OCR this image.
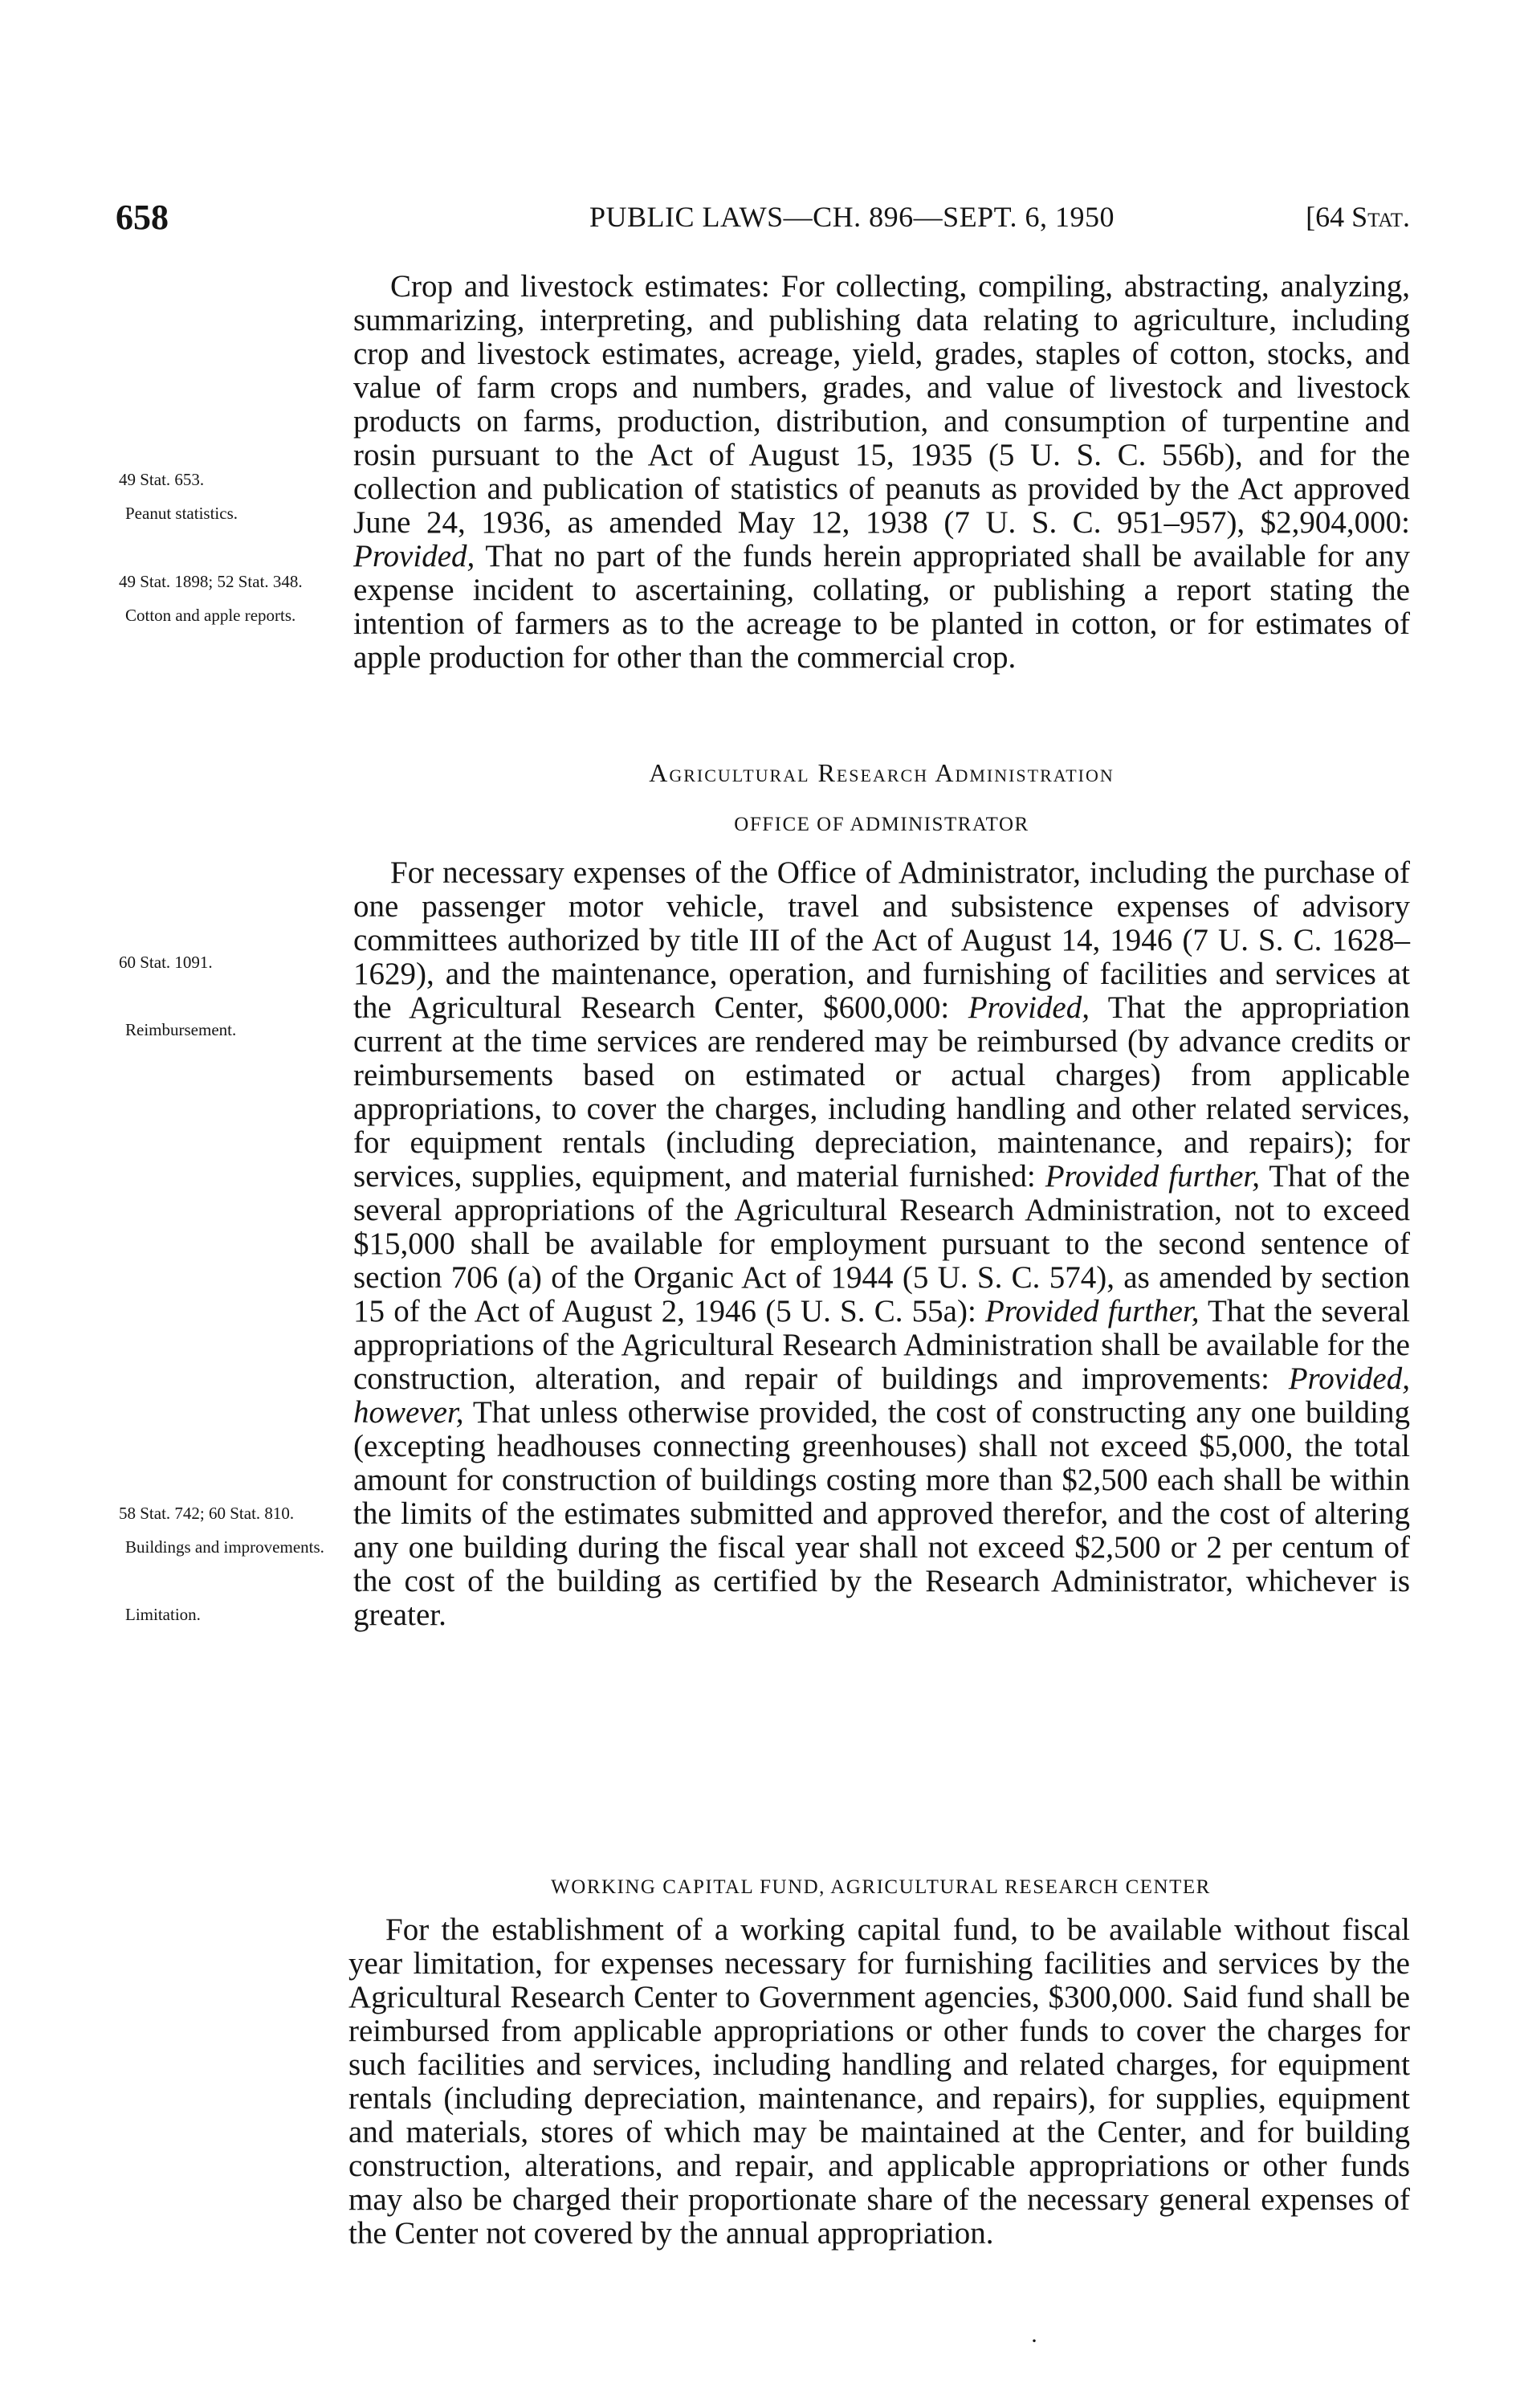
658	PUBLIC LAWS—CH. 896—SEPT. 6, 1950	[64 Stat.
49 Stat. 653.
Peanut statistics.
49 Stat. 1898; 52 Stat. 348.
Cotton and apple reports.
60 Stat. 1091.
Reimbursement.
58 Stat. 742; 60 Stat. 810.
Buildings and improvements.
Limitation.

Crop and livestock estimates: For collecting, compiling, abstracting, analyzing, summarizing, interpreting, and publishing data relating to agriculture, including crop and livestock estimates, acreage, yield, grades, staples of cotton, stocks, and value of farm crops and numbers, grades, and value of livestock and livestock products on farms, production, distribution, and consumption of turpentine and rosin pursuant to the Act of August 15, 1935 (5 U. S. C. 556b), and for the collection and publication of statistics of peanuts as provided by the Act approved June 24, 1936, as amended May 12, 1938 (7 U. S. C. 951–957), $2,904,000: Provided, That no part of the funds herein appropriated shall be available for any expense incident to ascertaining, collating, or publishing a report stating the intention of farmers as to the acreage to be planted in cotton, or for estimates of apple production for other than the commercial crop.

Agricultural Research Administration
OFFICE OF ADMINISTRATOR

For necessary expenses of the Office of Administrator, including the purchase of one passenger motor vehicle, travel and subsistence expenses of advisory committees authorized by title III of the Act of August 14, 1946 (7 U. S. C. 1628–1629), and the maintenance, operation, and furnishing of facilities and services at the Agricultural Research Center, $600,000: Provided, That the appropriation current at the time services are rendered may be reimbursed (by advance credits or reimbursements based on estimated or actual charges) from applicable appropriations, to cover the charges, including handling and other related services, for equipment rentals (including depreciation, maintenance, and repairs); for services, supplies, equipment, and material furnished: Provided further, That of the several appropriations of the Agricultural Research Administration, not to exceed $15,000 shall be available for employment pursuant to the second sentence of section 706 (a) of the Organic Act of 1944 (5 U. S. C. 574), as amended by section 15 of the Act of August 2, 1946 (5 U. S. C. 55a): Provided further, That the several appropriations of the Agricultural Research Administration shall be available for the construction, alteration, and repair of buildings and improvements: Provided, however, That unless otherwise provided, the cost of constructing any one building (excepting headhouses connecting greenhouses) shall not exceed $5,000, the total amount for construction of buildings costing more than $2,500 each shall be within the limits of the estimates submitted and approved therefor, and the cost of altering any one building during the fiscal year shall not exceed $2,500 or 2 per centum of the cost of the building as certified by the Research Administrator, whichever is greater.

WORKING CAPITAL FUND, AGRICULTURAL RESEARCH CENTER

For the establishment of a working capital fund, to be available without fiscal year limitation, for expenses necessary for furnishing facilities and services by the Agricultural Research Center to Government agencies, $300,000. Said fund shall be reimbursed from applicable appropriations or other funds to cover the charges for such facilities and services, including handling and related charges, for equipment rentals (including depreciation, maintenance, and repairs), for supplies, equipment and materials, stores of which may be maintained at the Center, and for building construction, alterations, and repair, and applicable appropriations or other funds may also be charged their proportionate share of the necessary general expenses of the Center not covered by the annual appropriation.

·
